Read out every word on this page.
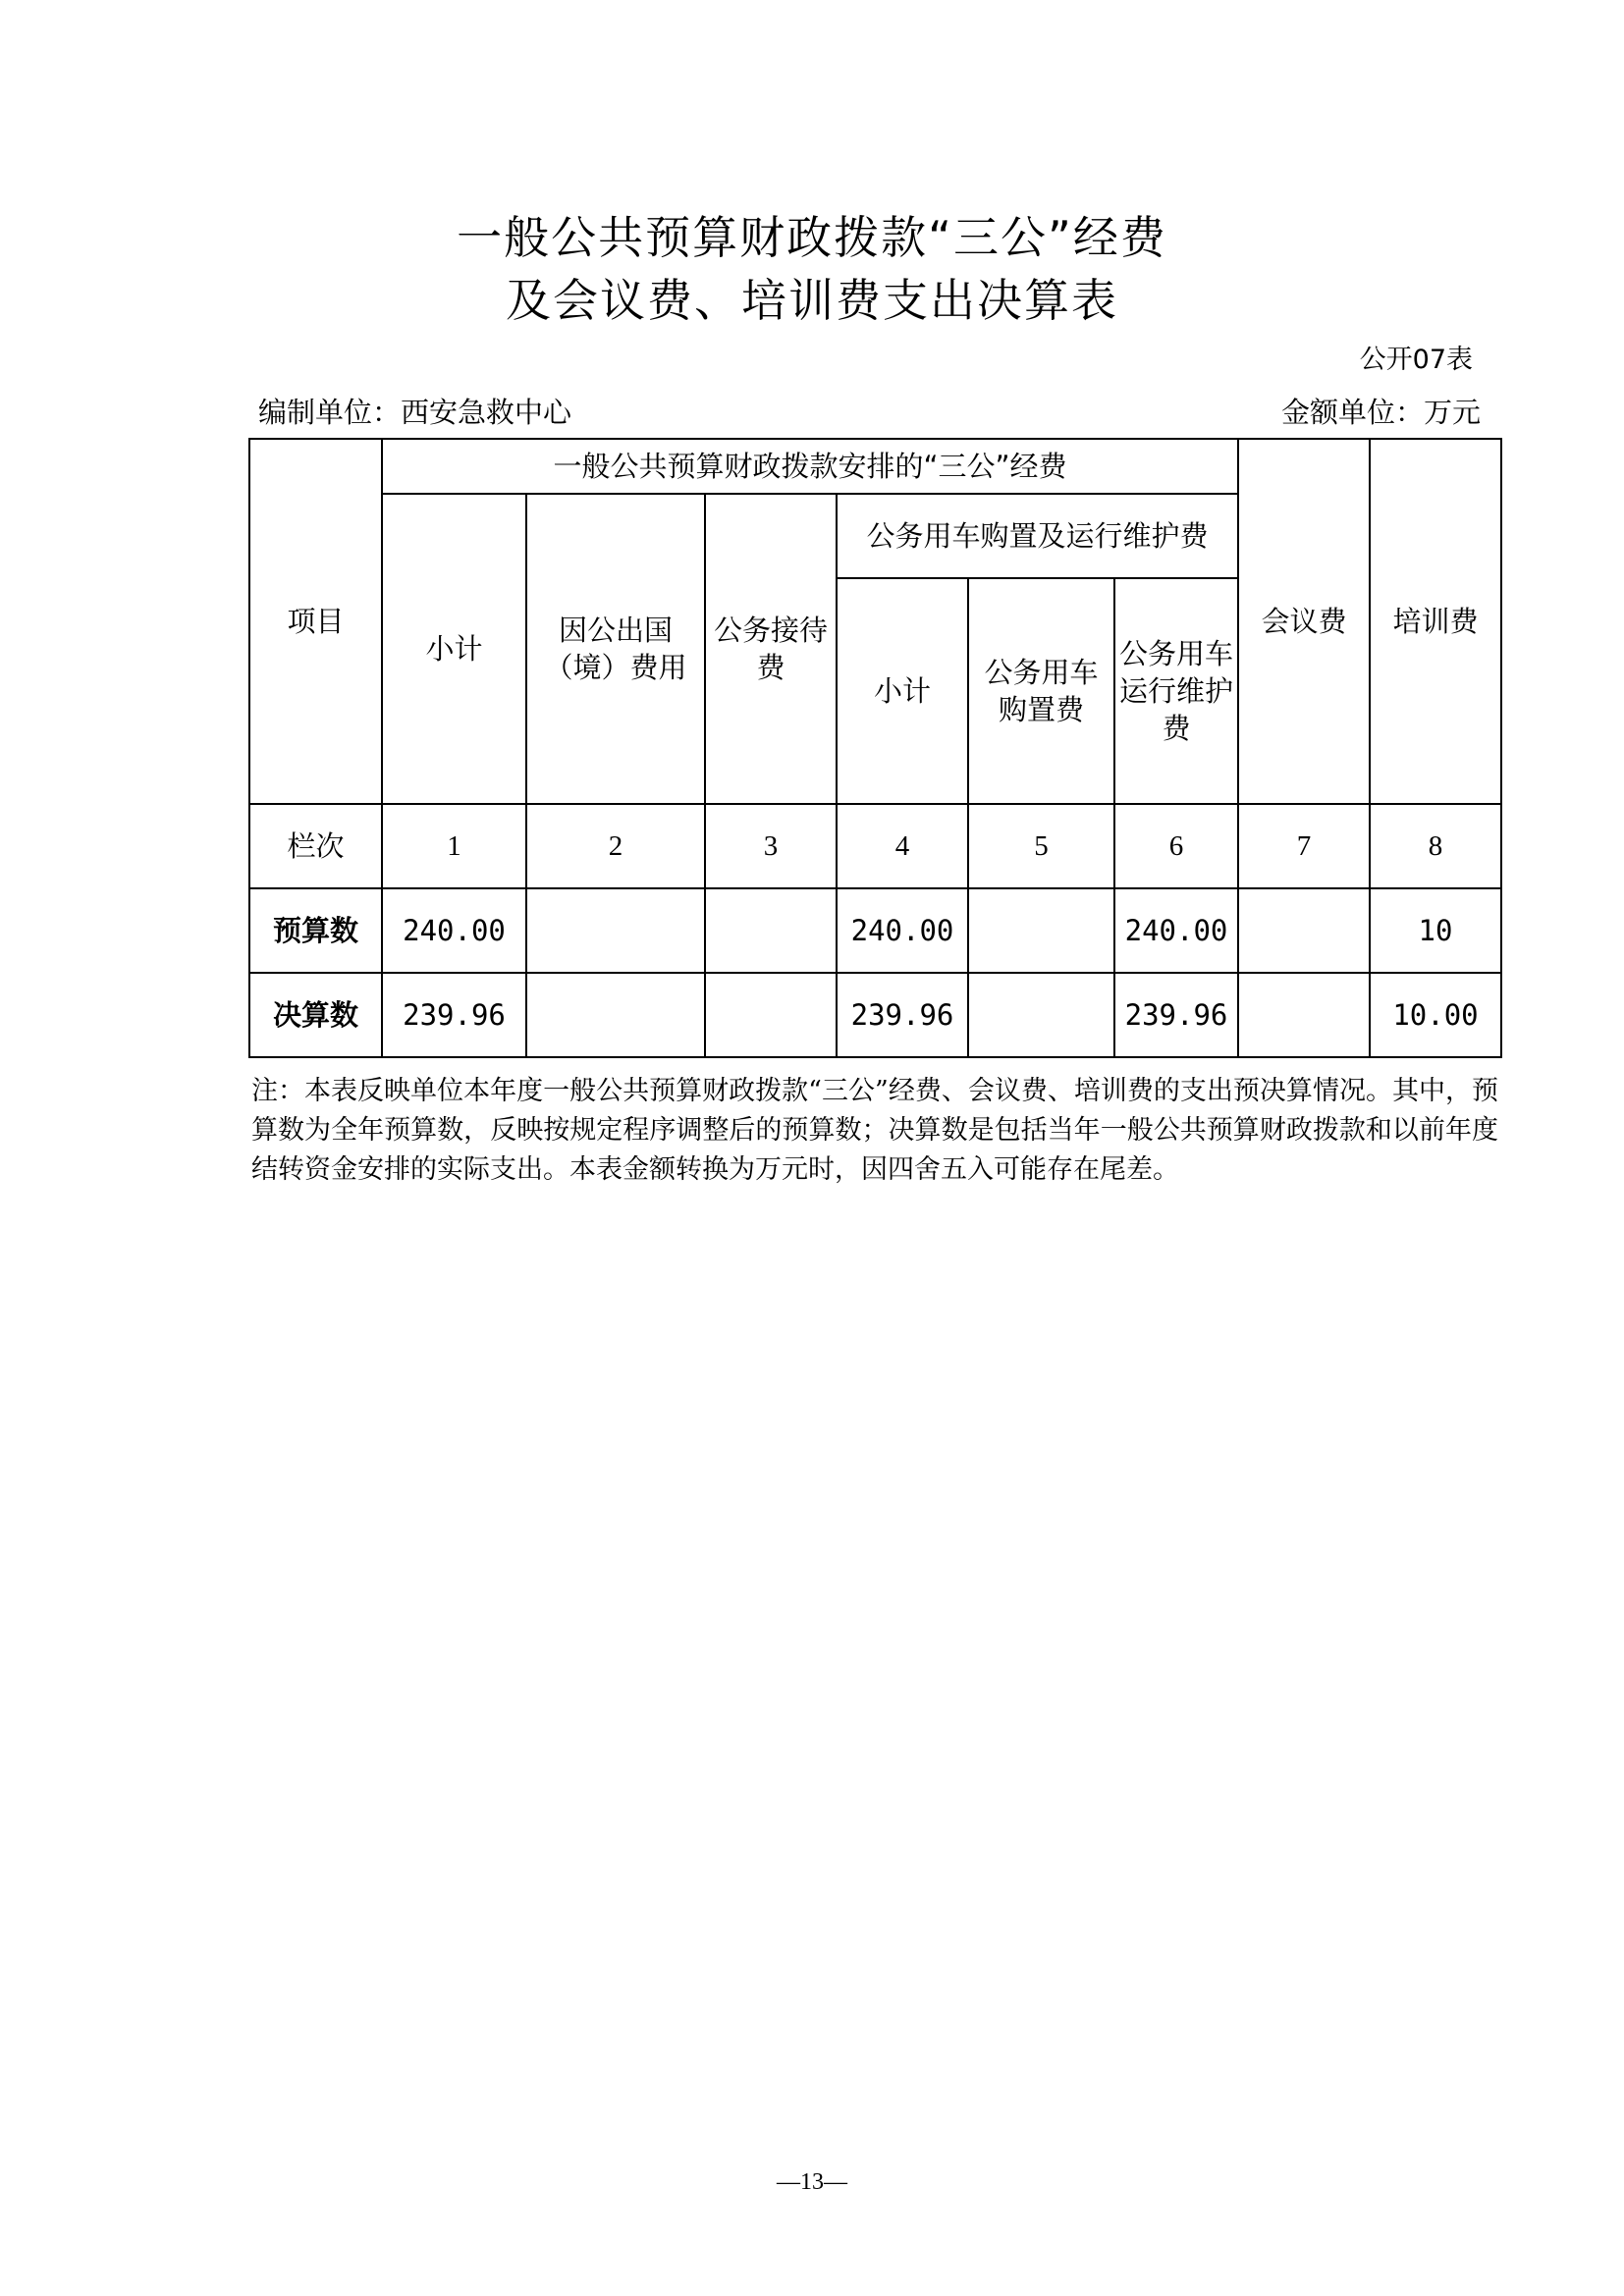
一般公共预算财政拨款“三公”经费
及会议费、培训费支出决算表
公开07表
编制单位：西安急救中心	金额单位：万元
项目	一般公共预算财政拨款安排的“三公”经费						会议费	培训费
	小计	因公出国（境）费用	公务接待费	公务用车购置及运行维护费				
				小计	公务用车购置费	公务用车运行维护费		
栏次	1	2	3	4	5	6	7	8
预算数	240.00			240.00		240.00		10
决算数	239.96			239.96		239.96		10.00
注：本表反映单位本年度一般公共预算财政拨款“三公”经费、会议费、培训费的支出预决算情况。其中，预算数为全年预算数，反映按规定程序调整后的预算数；决算数是包括当年一般公共预算财政拨款和以前年度结转资金安排的实际支出。本表金额转换为万元时，因四舍五入可能存在尾差。
—13—
